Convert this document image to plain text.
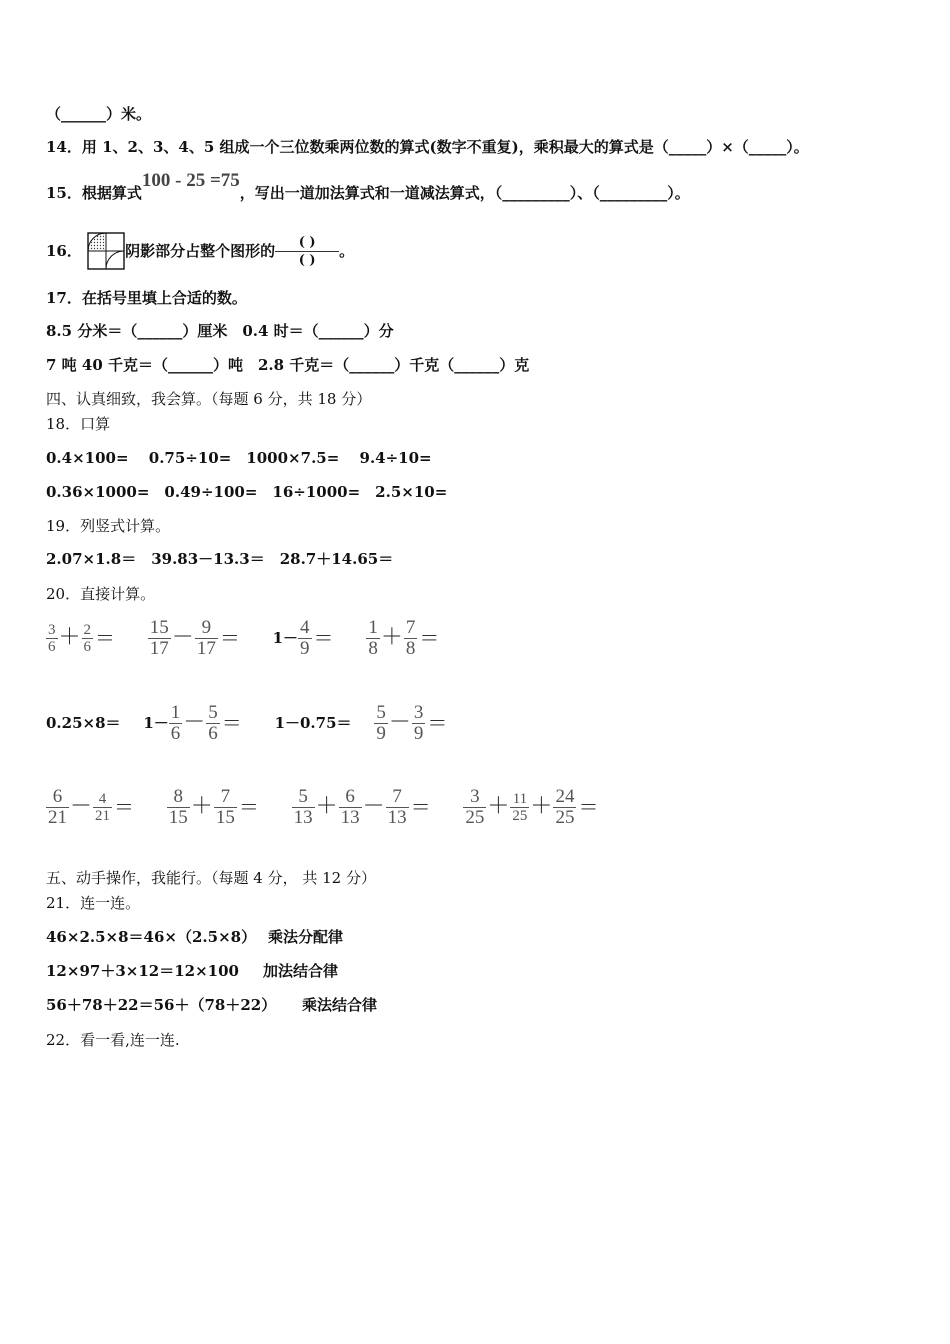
（______）米。
14．用 1、2、3、4、5 组成一个三位数乘两位数的算式(数字不重复)，乘积最大的算式是（_____）×（_____）。
15．根据算式100 - 25 =75，写出一道加法算式和一道减法算式，（_________）、（_________）。
16．	阴影部分占整个图形的 $\frac{( )}{( )}$ 。
17．在括号里填上合适的数。
8.5 分米＝（______）厘米　0.4 时＝（______）分
7 吨 40 千克＝（______）吨　2.8 千克＝（______）千克（______）克
四、认真细致，我会算。（每题 6 分，共 18 分）
18．口算
0.4×100=　 0.75÷10=　1000×7.5=　 9.4÷10=
0.36×1000=　0.49÷100=　16÷1000=　2.5×10=
19．列竖式计算。
2.07×1.8＝　39.83－13.3＝　28.7＋14.65＝
20．直接计算。
$\frac{3}{6} + \frac{2}{6} = \frac{15}{17} - \frac{9}{17} = 1- \frac{4}{9} = \frac{1}{8} + \frac{7}{8}$ ＝
$0.25\times 8= 1- \frac{1}{6} - \frac{5}{6} = 1-0.75= \frac{5}{9} - \frac{3}{9}$ ＝
$\frac{6}{21} - \frac{4}{21} = \frac{8}{15} + \frac{7}{15} = \frac{5}{13} + \frac{6}{13} - \frac{7}{13} = \frac{3}{25} + \frac{11}{25} + \frac{24}{25}$ ＝
五、动手操作，我能行。（每题 4 分， 共 12 分）
21．连一连。
46×2.5×8＝46×（2.5×8） 乘法分配律
12×97＋3×12＝12×100 加法结合律
56＋78＋22＝56＋（78＋22） 乘法结合律
22．看一看,连一连.
